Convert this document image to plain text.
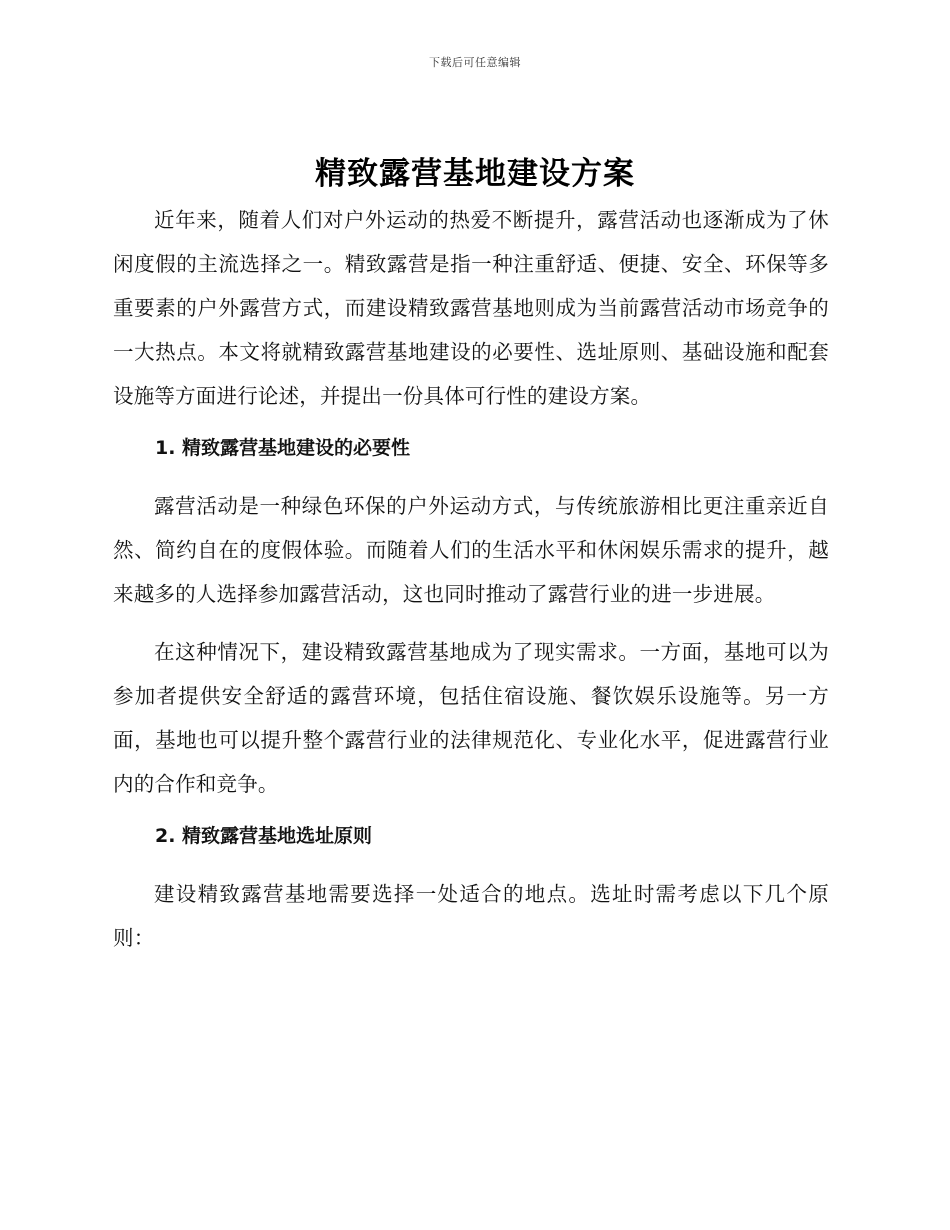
下载后可任意编辑
精致露营基地建设方案

近年来，随着人们对户外运动的热爱不断提升，露营活动也逐渐成为了休闲度假的主流选择之一。精致露营是指一种注重舒适、便捷、安全、环保等多重要素的户外露营方式，而建设精致露营基地则成为当前露营活动市场竞争的一大热点。本文将就精致露营基地建设的必要性、选址原则、基础设施和配套设施等方面进行论述，并提出一份具体可行性的建设方案。

1. 精致露营基地建设的必要性

露营活动是一种绿色环保的户外运动方式，与传统旅游相比更注重亲近自然、简约自在的度假体验。而随着人们的生活水平和休闲娱乐需求的提升，越来越多的人选择参加露营活动，这也同时推动了露营行业的进一步进展。

在这种情况下，建设精致露营基地成为了现实需求。一方面，基地可以为参加者提供安全舒适的露营环境，包括住宿设施、餐饮娱乐设施等。另一方面，基地也可以提升整个露营行业的法律规范化、专业化水平，促进露营行业内的合作和竞争。

2. 精致露营基地选址原则

建设精致露营基地需要选择一处适合的地点。选址时需考虑以下几个原则：
